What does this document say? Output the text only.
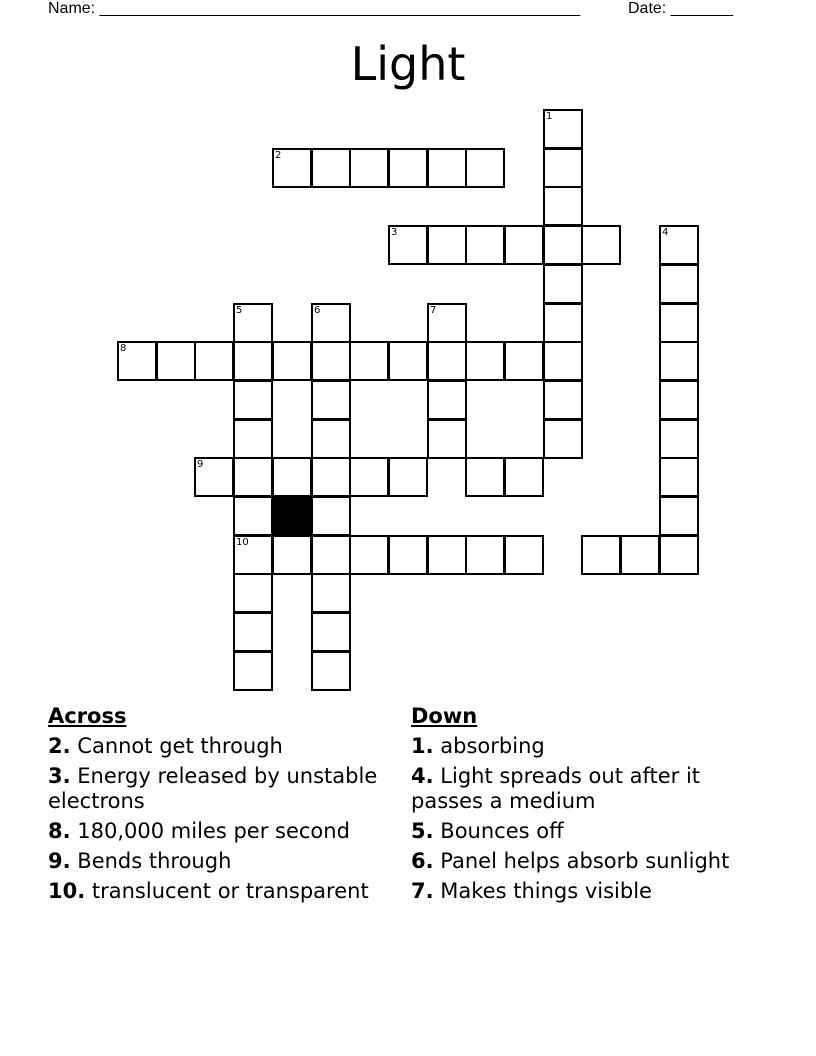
Name: ______________________________________________________	Date: _______
Light
1
2
3	4
8
5
10
6	7
9
Across
2. Cannot get through
3. Energy released by unstable electrons
8. 180,000 miles per second
9. Bends through
10. translucent or transparent
Down
1. absorbing
4. Light spreads out after it passes a medium
5. Bounces off
6. Panel helps absorb sunlight
7. Makes things visible
